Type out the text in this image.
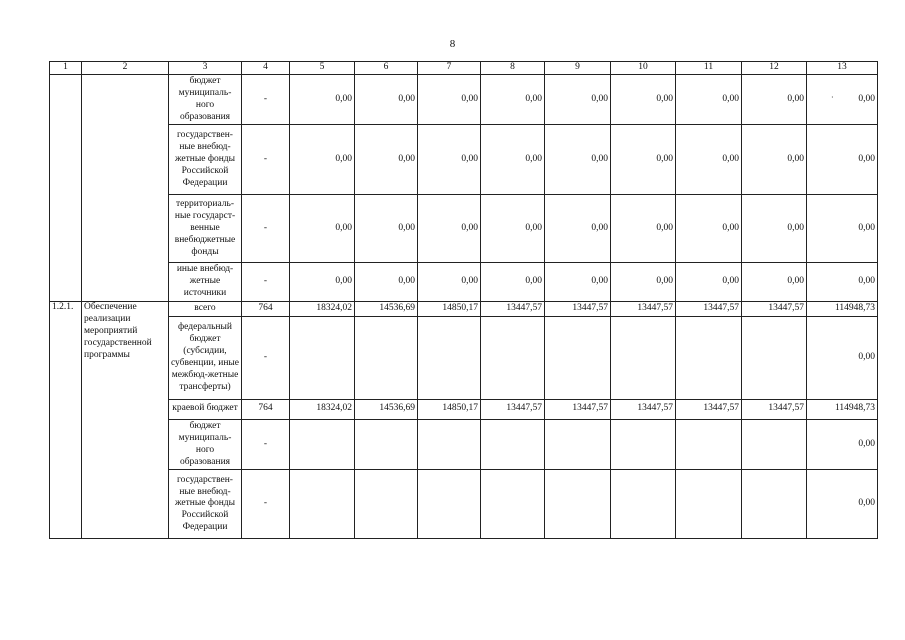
8
·
1	2	3	4	5	6	7	8	9	10	11	12	13
		бюджет муниципаль-ного образования	-	0,00	0,00	0,00	0,00	0,00	0,00	0,00	0,00	0,00
		государствен-ные внебюд-жетные фонды Российской Федерации	-	0,00	0,00	0,00	0,00	0,00	0,00	0,00	0,00	0,00
		территориаль-ные государст-венные внебюджетные фонды	-	0,00	0,00	0,00	0,00	0,00	0,00	0,00	0,00	0,00
		иные внебюд-жетные источники	-	0,00	0,00	0,00	0,00	0,00	0,00	0,00	0,00	0,00
1.2.1.	Обеспечение реализации мероприятий государственной программы	всего	764	18324,02	14536,69	14850,17	13447,57	13447,57	13447,57	13447,57	13447,57	114948,73
		федеральный бюджет (субсидии, субвенции, иные межбюд-жетные трансферты)	-									0,00
		краевой бюджет	764	18324,02	14536,69	14850,17	13447,57	13447,57	13447,57	13447,57	13447,57	114948,73
		бюджет муниципаль-ного образования	-									0,00
		государствен-ные внебюд-жетные фонды Российской Федерации	-									0,00
